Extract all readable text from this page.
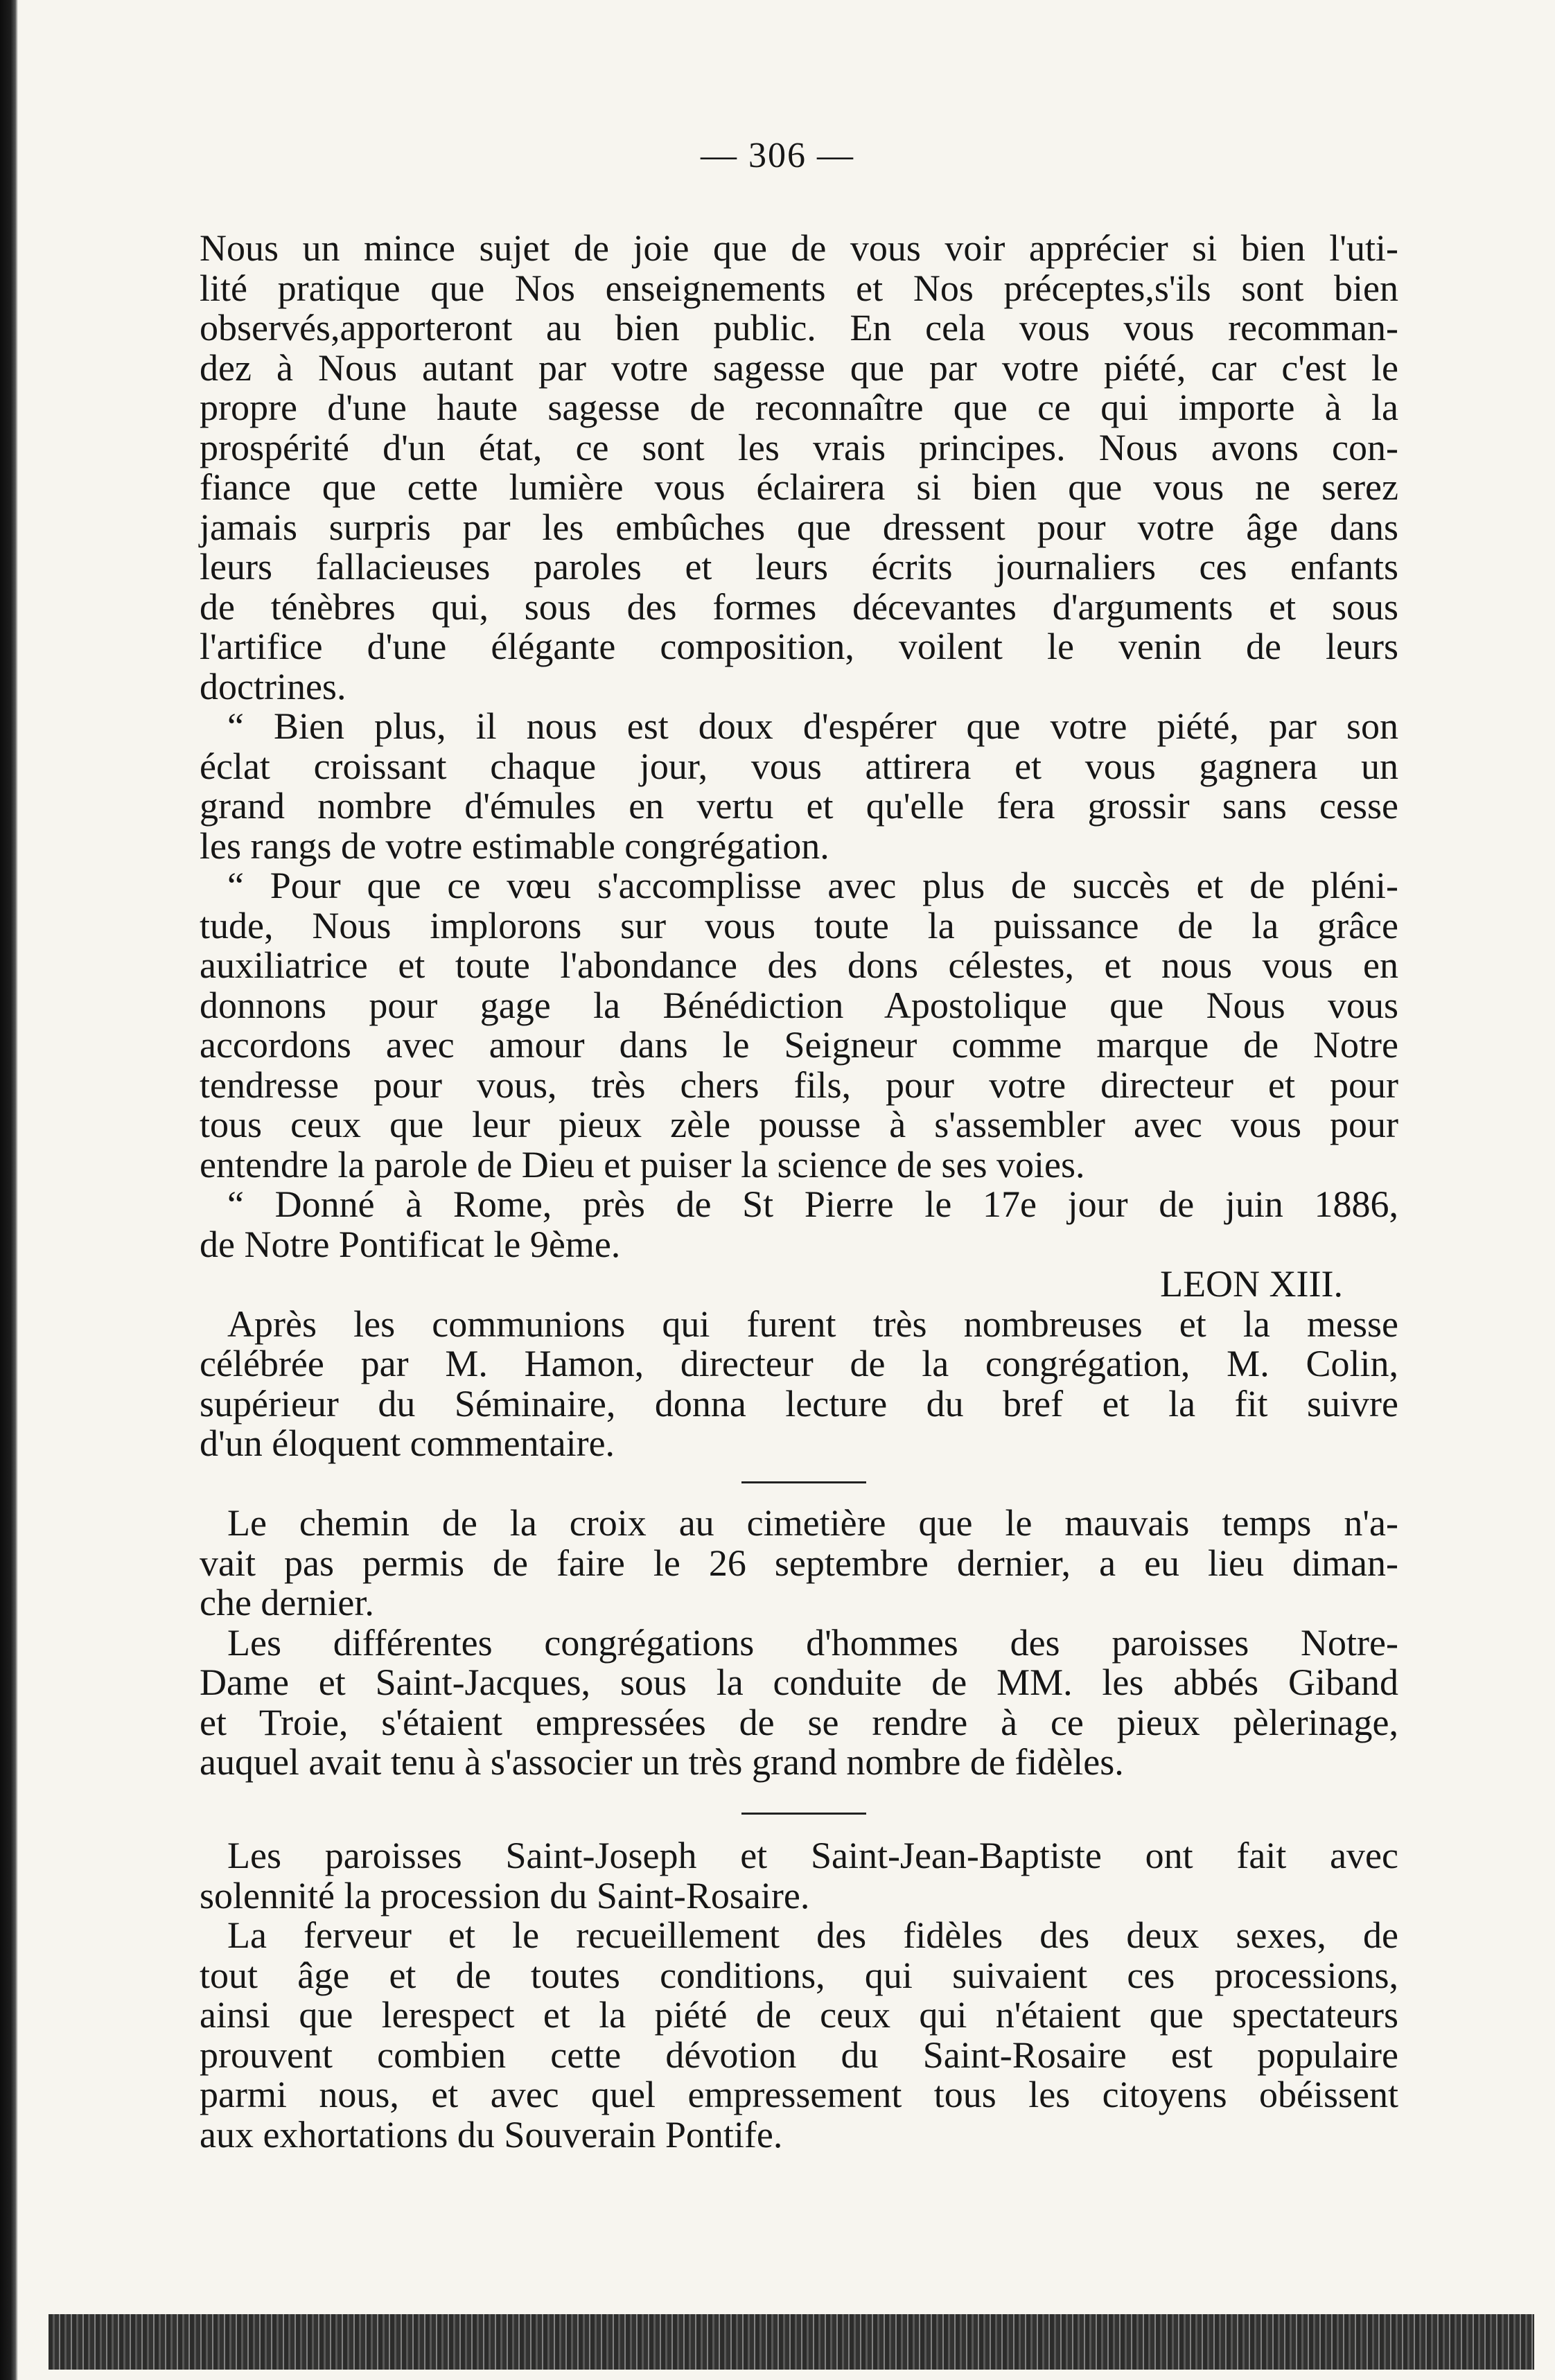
— 306 —

Nous un mince sujet de joie que de vous voir apprécier si bien l'uti-

lité pratique que Nos enseignements et Nos préceptes,s'ils sont bien

observés,apporteront au bien public. En cela vous vous recomman-

dez à Nous autant par votre sagesse que par votre piété, car c'est le

propre d'une haute sagesse de reconnaître que ce qui importe à la

prospérité d'un état, ce sont les vrais principes. Nous avons con-

fiance que cette lumière vous éclairera si bien que vous ne serez

jamais surpris par les embûches que dressent pour votre âge dans

leurs fallacieuses paroles et leurs écrits journaliers ces enfants

de ténèbres qui, sous des formes décevantes d'arguments et sous

l'artifice d'une élégante composition, voilent le venin de leurs

doctrines.

“ Bien plus, il nous est doux d'espérer que votre piété, par son

éclat croissant chaque jour, vous attirera et vous gagnera un

grand nombre d'émules en vertu et qu'elle fera grossir sans cesse

les rangs de votre estimable congrégation.

“ Pour que ce vœu s'accomplisse avec plus de succès et de pléni-

tude, Nous implorons sur vous toute la puissance de la grâce

auxiliatrice et toute l'abondance des dons célestes, et nous vous en

donnons pour gage la Bénédiction Apostolique que Nous vous

accordons avec amour dans le Seigneur comme marque de Notre

tendresse pour vous, très chers fils, pour votre directeur et pour

tous ceux que leur pieux zèle pousse à s'assembler avec vous pour

entendre la parole de Dieu et puiser la science de ses voies.

“ Donné à Rome, près de St Pierre le 17e jour de juin 1886,

de Notre Pontificat le 9ème.

LEON XIII.

Après les communions qui furent très nombreuses et la messe

célébrée par M. Hamon, directeur de la congrégation, M. Colin,

supérieur du Séminaire, donna lecture du bref et la fit suivre

d'un éloquent commentaire.

Le chemin de la croix au cimetière que le mauvais temps n'a-

vait pas permis de faire le 26 septembre dernier, a eu lieu diman-

che dernier.

Les différentes congrégations d'hommes des paroisses Notre-

Dame et Saint-Jacques, sous la conduite de MM. les abbés Giband

et Troie, s'étaient empressées de se rendre à ce pieux pèlerinage,

auquel avait tenu à s'associer un très grand nombre de fidèles.

Les paroisses Saint-Joseph et Saint-Jean-Baptiste ont fait avec

solennité la procession du Saint-Rosaire.

La ferveur et le recueillement des fidèles des deux sexes, de

tout âge et de toutes conditions, qui suivaient ces processions,

ainsi que lerespect et la piété de ceux qui n'étaient que spectateurs

prouvent combien cette dévotion du Saint-Rosaire est populaire

parmi nous, et avec quel empressement tous les citoyens obéissent

aux exhortations du Souverain Pontife.
